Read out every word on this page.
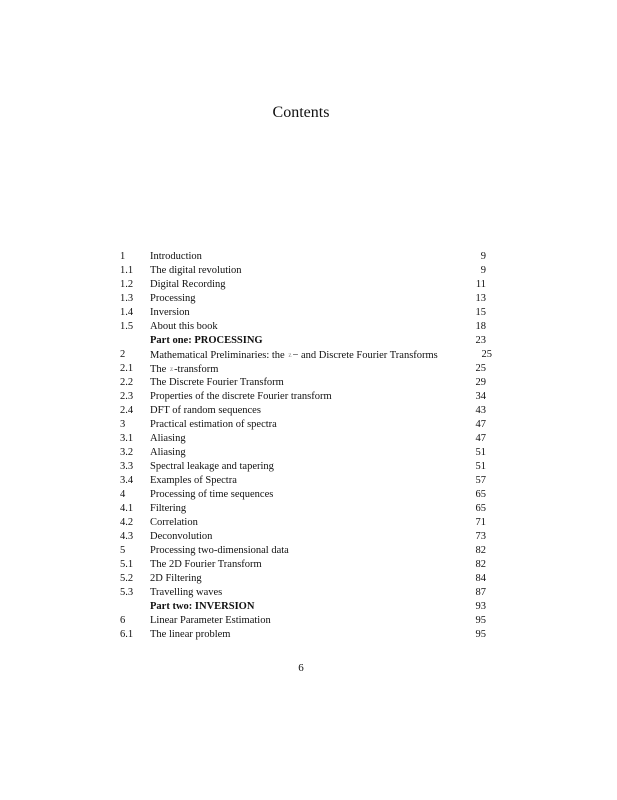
Contents
1 Introduction	9
1.1 The digital revolution	9
1.2 Digital Recording	11
1.3 Processing	13
1.4 Inversion	15
1.5 About this book	18
Part one: PROCESSING	23
2 Mathematical Preliminaries: the z− and Discrete Fourier Transforms	25
2.1 The z-transform	25
2.2 The Discrete Fourier Transform	29
2.3 Properties of the discrete Fourier transform	34
2.4 DFT of random sequences	43
3 Practical estimation of spectra	47
3.1 Aliasing	47
3.2 Aliasing	51
3.3 Spectral leakage and tapering	51
3.4 Examples of Spectra	57
4 Processing of time sequences	65
4.1 Filtering	65
4.2 Correlation	71
4.3 Deconvolution	73
5 Processing two-dimensional data	82
5.1 The 2D Fourier Transform	82
5.2 2D Filtering	84
5.3 Travelling waves	87
Part two: INVERSION	93
6 Linear Parameter Estimation	95
6.1 The linear problem	95
6
